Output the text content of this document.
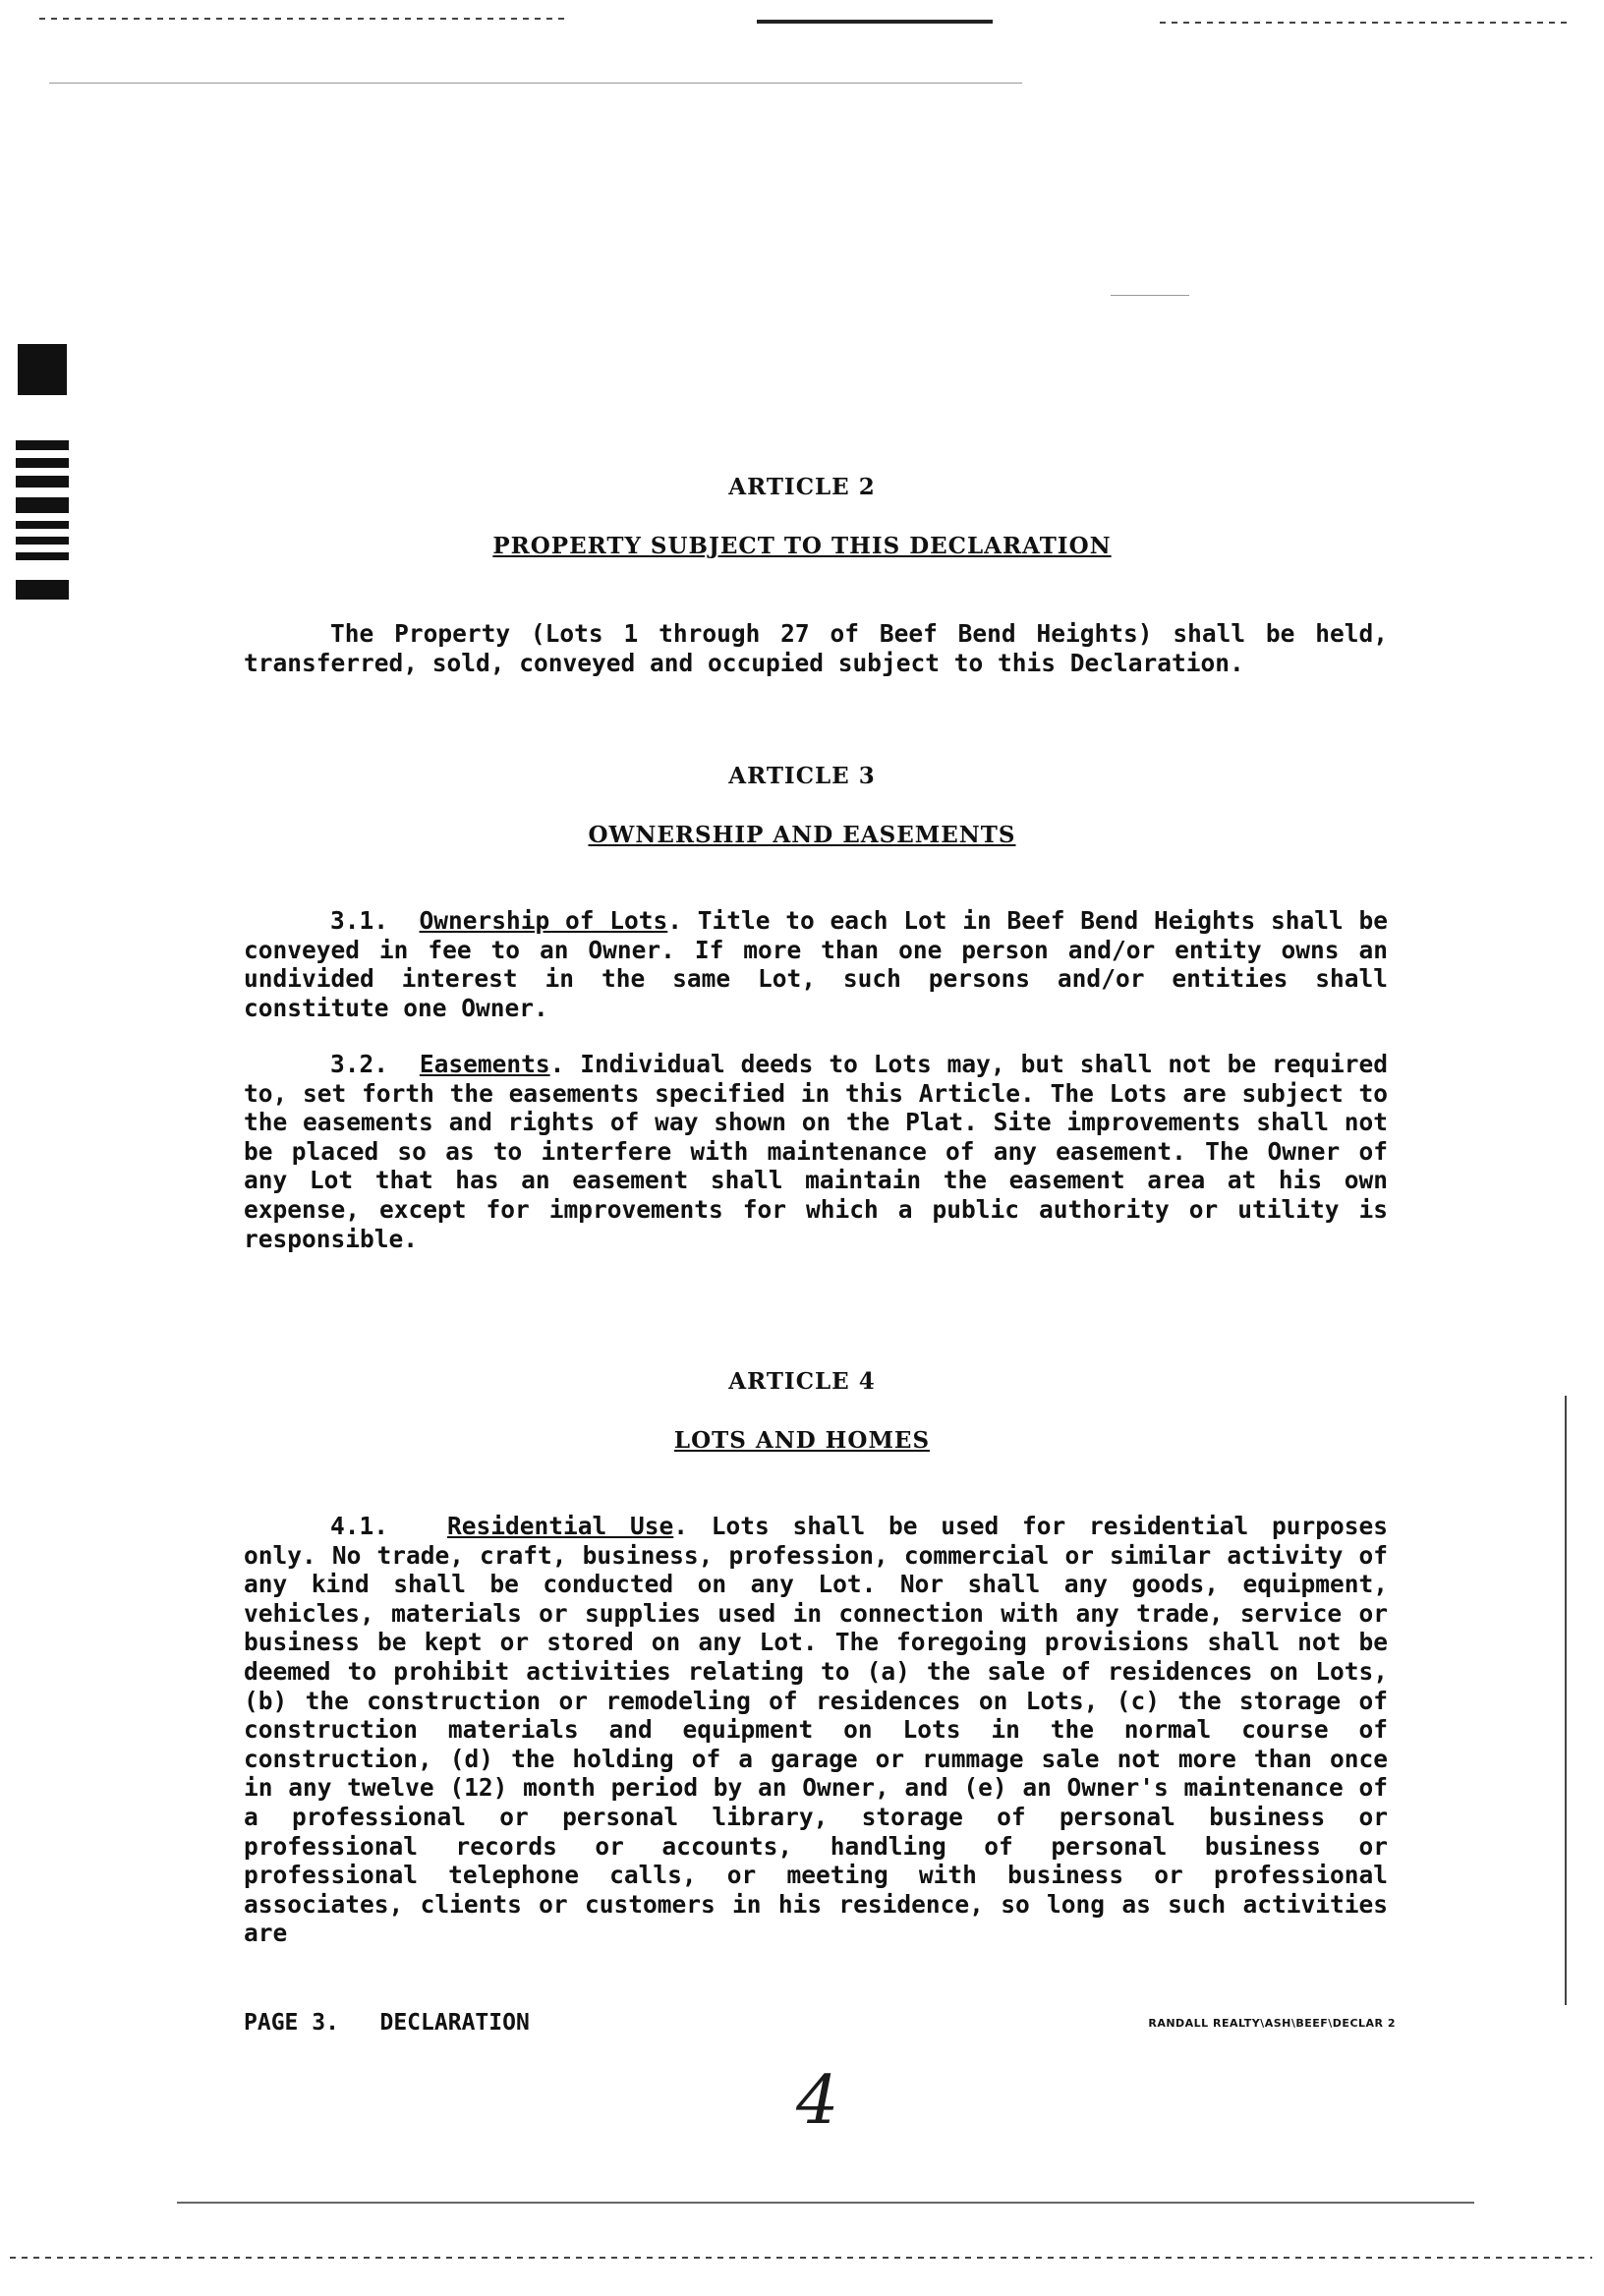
ARTICLE 2
PROPERTY SUBJECT TO THIS DECLARATION
The Property (Lots 1 through 27 of Beef Bend Heights) shall be held, transferred, sold, conveyed and occupied subject to this Declaration.
ARTICLE 3
OWNERSHIP AND EASEMENTS
3.1. Ownership of Lots. Title to each Lot in Beef Bend Heights shall be conveyed in fee to an Owner. If more than one person and/or entity owns an undivided interest in the same Lot, such persons and/or entities shall constitute one Owner.
3.2. Easements. Individual deeds to Lots may, but shall not be required to, set forth the easements specified in this Article. The Lots are subject to the easements and rights of way shown on the Plat. Site improvements shall not be placed so as to interfere with maintenance of any easement. The Owner of any Lot that has an easement shall maintain the easement area at his own expense, except for improvements for which a public authority or utility is responsible.
ARTICLE 4
LOTS AND HOMES
4.1. Residential Use. Lots shall be used for residential purposes only. No trade, craft, business, profession, commercial or similar activity of any kind shall be conducted on any Lot. Nor shall any goods, equipment, vehicles, materials or supplies used in connection with any trade, service or business be kept or stored on any Lot. The foregoing provisions shall not be deemed to prohibit activities relating to (a) the sale of residences on Lots, (b) the construction or remodeling of residences on Lots, (c) the storage of construction materials and equipment on Lots in the normal course of construction, (d) the holding of a garage or rummage sale not more than once in any twelve (12) month period by an Owner, and (e) an Owner's maintenance of a professional or personal library, storage of personal business or professional records or accounts, handling of personal business or professional telephone calls, or meeting with business or professional associates, clients or customers in his residence, so long as such activities are
PAGE 3. DECLARATION	RANDALL REALTY\ASH\BEEF\DECLAR 2
4
